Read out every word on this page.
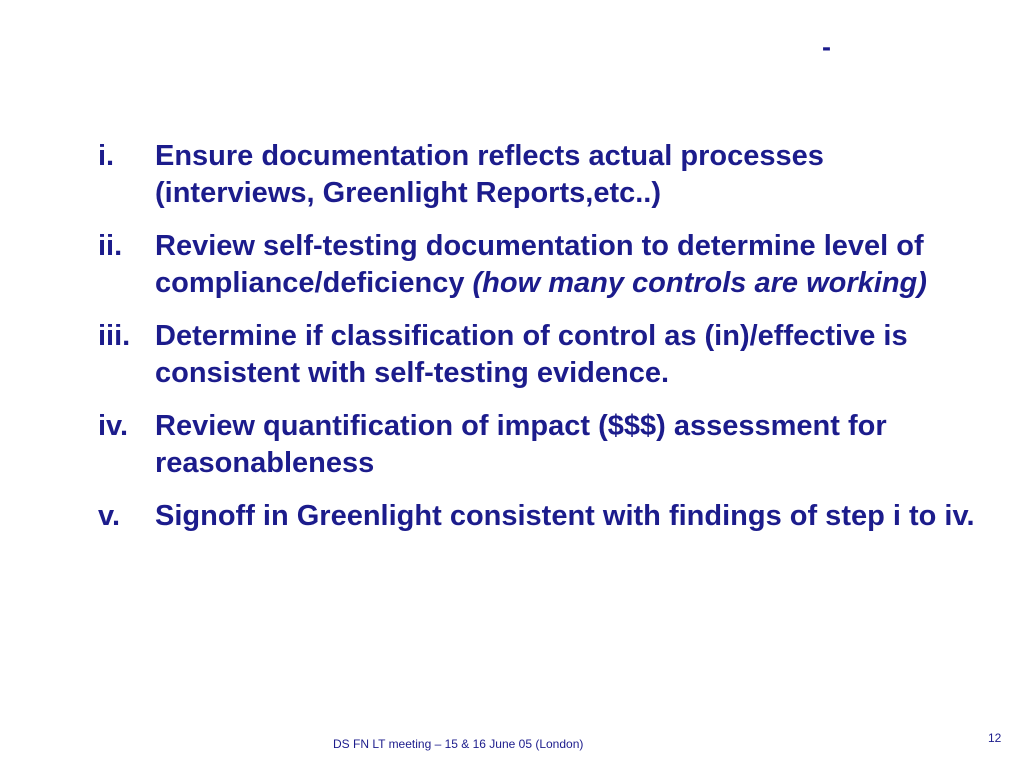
-
i.	Ensure documentation reflects actual processes (interviews, Greenlight Reports,etc..)
ii.	Review self-testing documentation to determine level of compliance/deficiency (how many controls are working)
iii. Determine if classification of control as (in)/effective is consistent with self-testing evidence.
iv. Review quantification of impact ($$$) assessment for reasonableness
v.	Signoff in Greenlight consistent with findings of step i to iv.
DS FN LT meeting – 15 & 16 June 05 (London)	12
